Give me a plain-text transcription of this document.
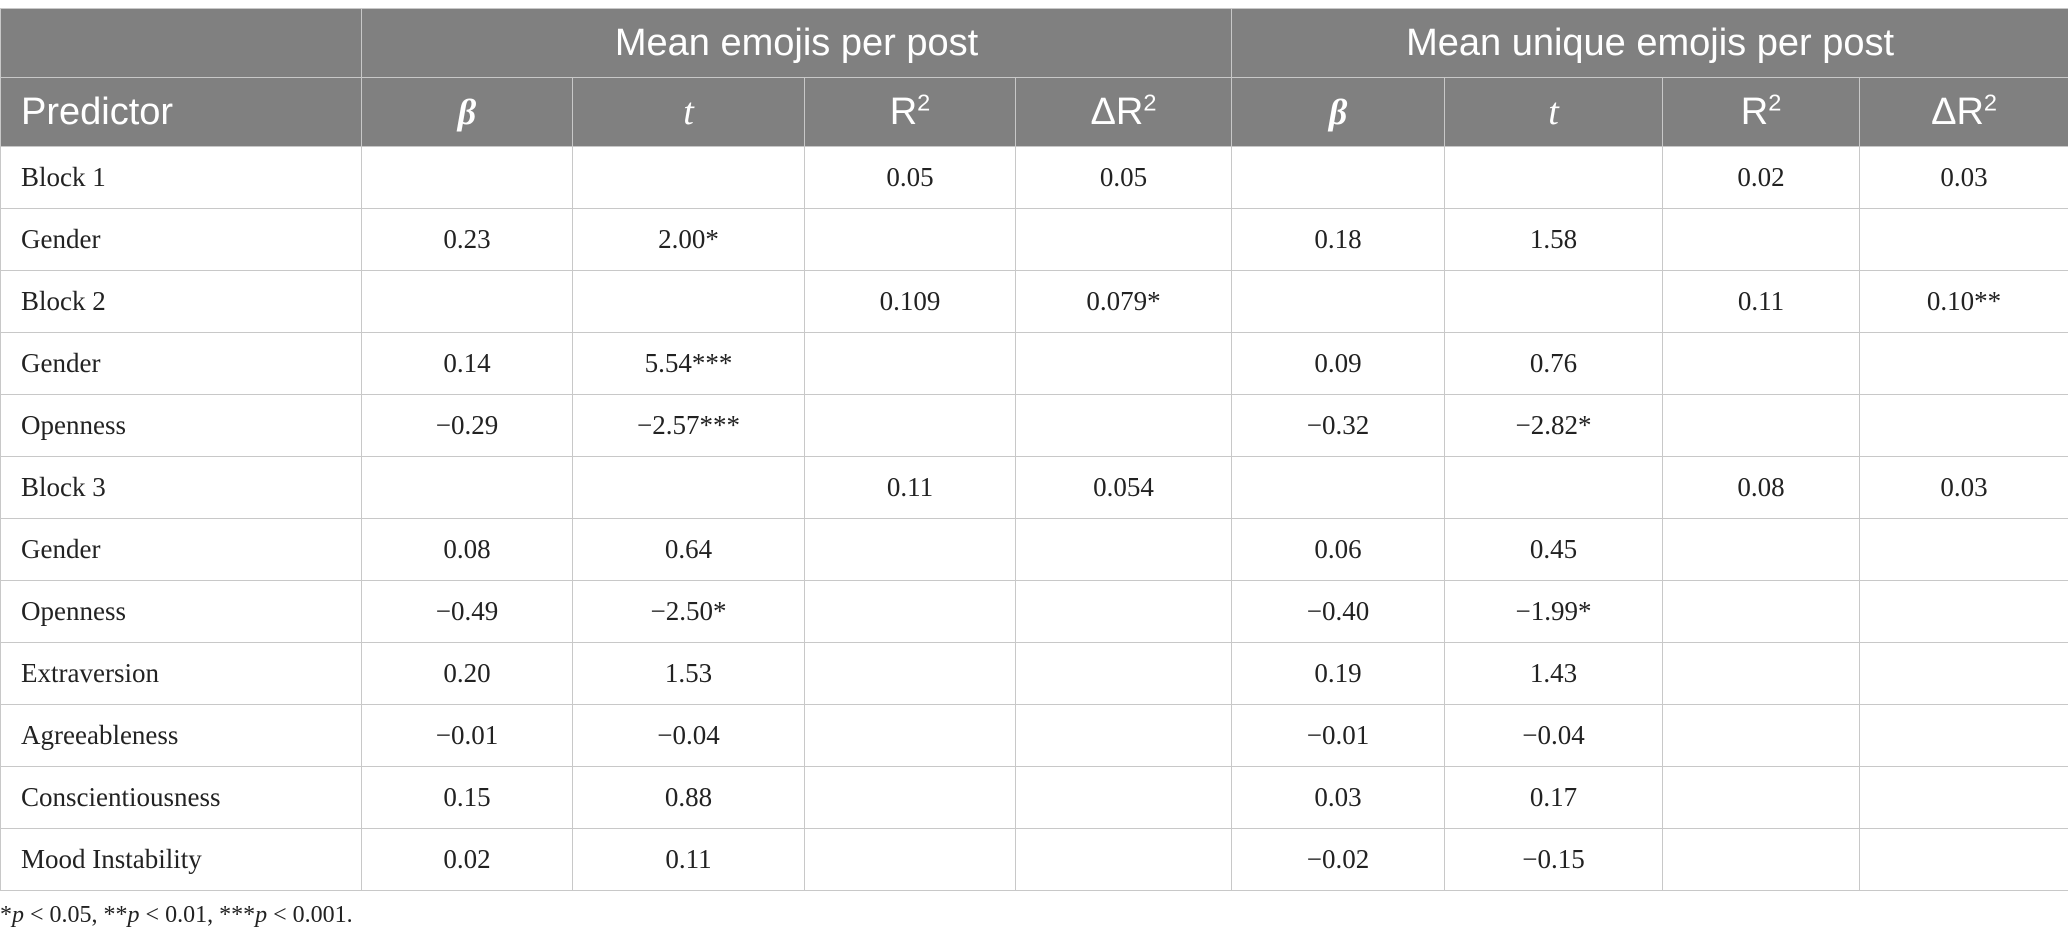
	Mean emojis per post				Mean unique emojis per post			
Predictor	β	t	$R^2$	$\Delta R^2$	β	t	$R^2$	$\Delta R^2$
Block 1			0.05	0.05			0.02	0.03
Gender	0.23	2.00*			0.18	1.58		
Block 2			0.109	0.079*			0.11	0.10**
Gender	0.14	5.54***			0.09	0.76		
Openness	−0.29	−2.57***			−0.32	−2.82*		
Block 3			0.11	0.054			0.08	0.03
Gender	0.08	0.64			0.06	0.45		
Openness	−0.49	−2.50*			−0.40	−1.99*		
Extraversion	0.20	1.53			0.19	1.43		
Agreeableness	−0.01	−0.04			−0.01	−0.04		
Conscientiousness	0.15	0.88			0.03	0.17		
Mood Instability	0.02	0.11			−0.02	−0.15		
*p < 0.05, **p < 0.01, ***p < 0.001.
